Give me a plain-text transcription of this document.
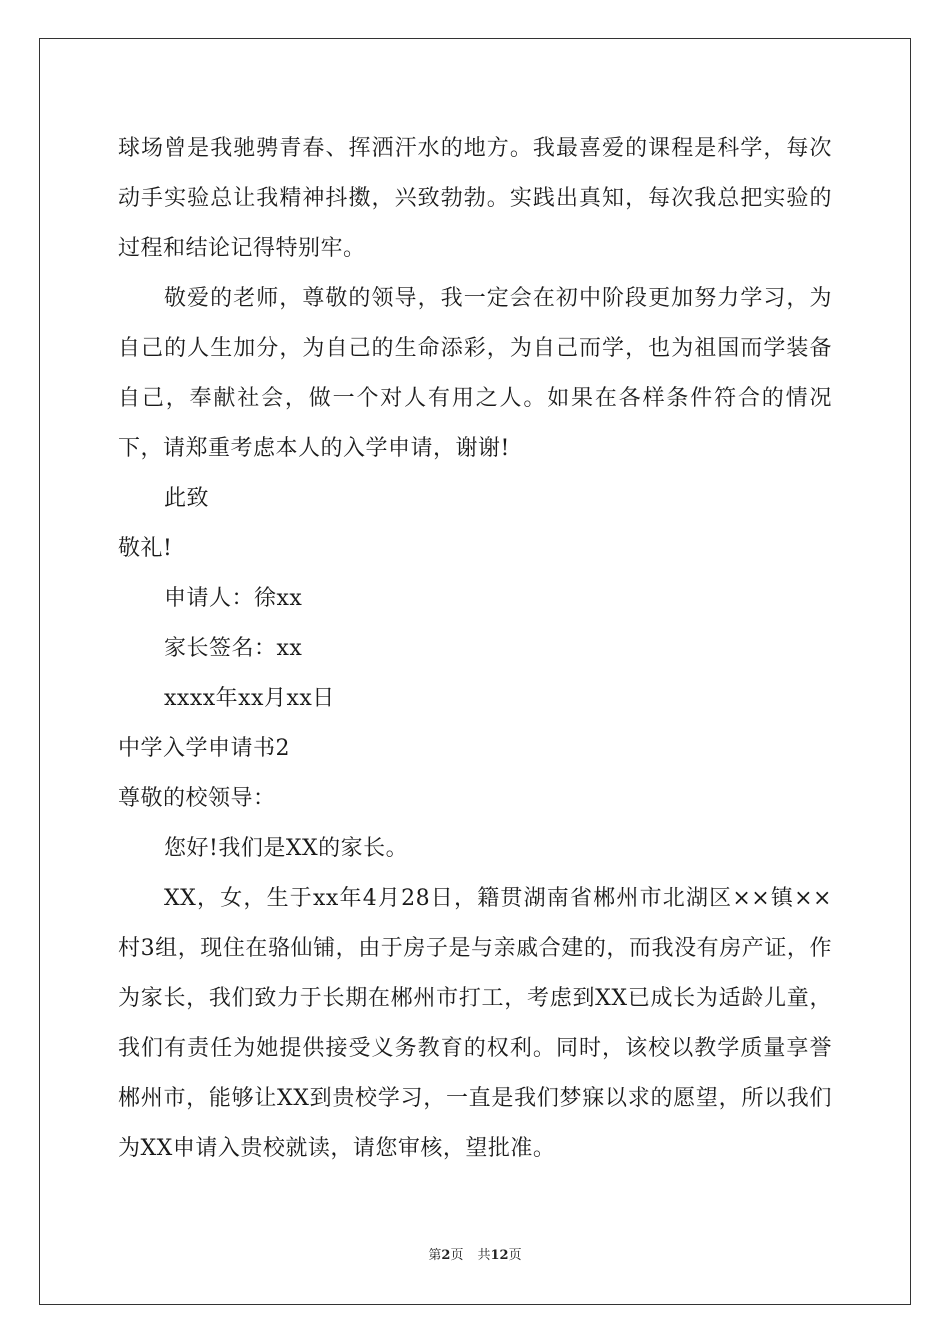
球场曾是我驰骋青春、挥洒汗水的地方。我最喜爱的课程是科学，每次动手实验总让我精神抖擞，兴致勃勃。实践出真知，每次我总把实验的过程和结论记得特别牢。

敬爱的老师，尊敬的领导，我一定会在初中阶段更加努力学习，为自己的人生加分，为自己的生命添彩，为自己而学，也为祖国而学装备自己，奉献社会，做一个对人有用之人。如果在各样条件符合的情况下，请郑重考虑本人的入学申请，谢谢!

此致

敬礼!

申请人：徐xx

家长签名：xx

xxxx年xx月xx日

中学入学申请书2

尊敬的校领导：

您好!我们是XX的家长。

XX，女，生于xx年4月28日，籍贯湖南省郴州市北湖区××镇××村3组，现住在骆仙铺，由于房子是与亲戚合建的，而我没有房产证，作为家长，我们致力于长期在郴州市打工，考虑到XX已成长为适龄儿童，我们有责任为她提供接受义务教育的权利。同时，该校以教学质量享誉郴州市，能够让XX到贵校学习，一直是我们梦寐以求的愿望，所以我们为XX申请入贵校就读，请您审核，望批准。

第2页 共12页
